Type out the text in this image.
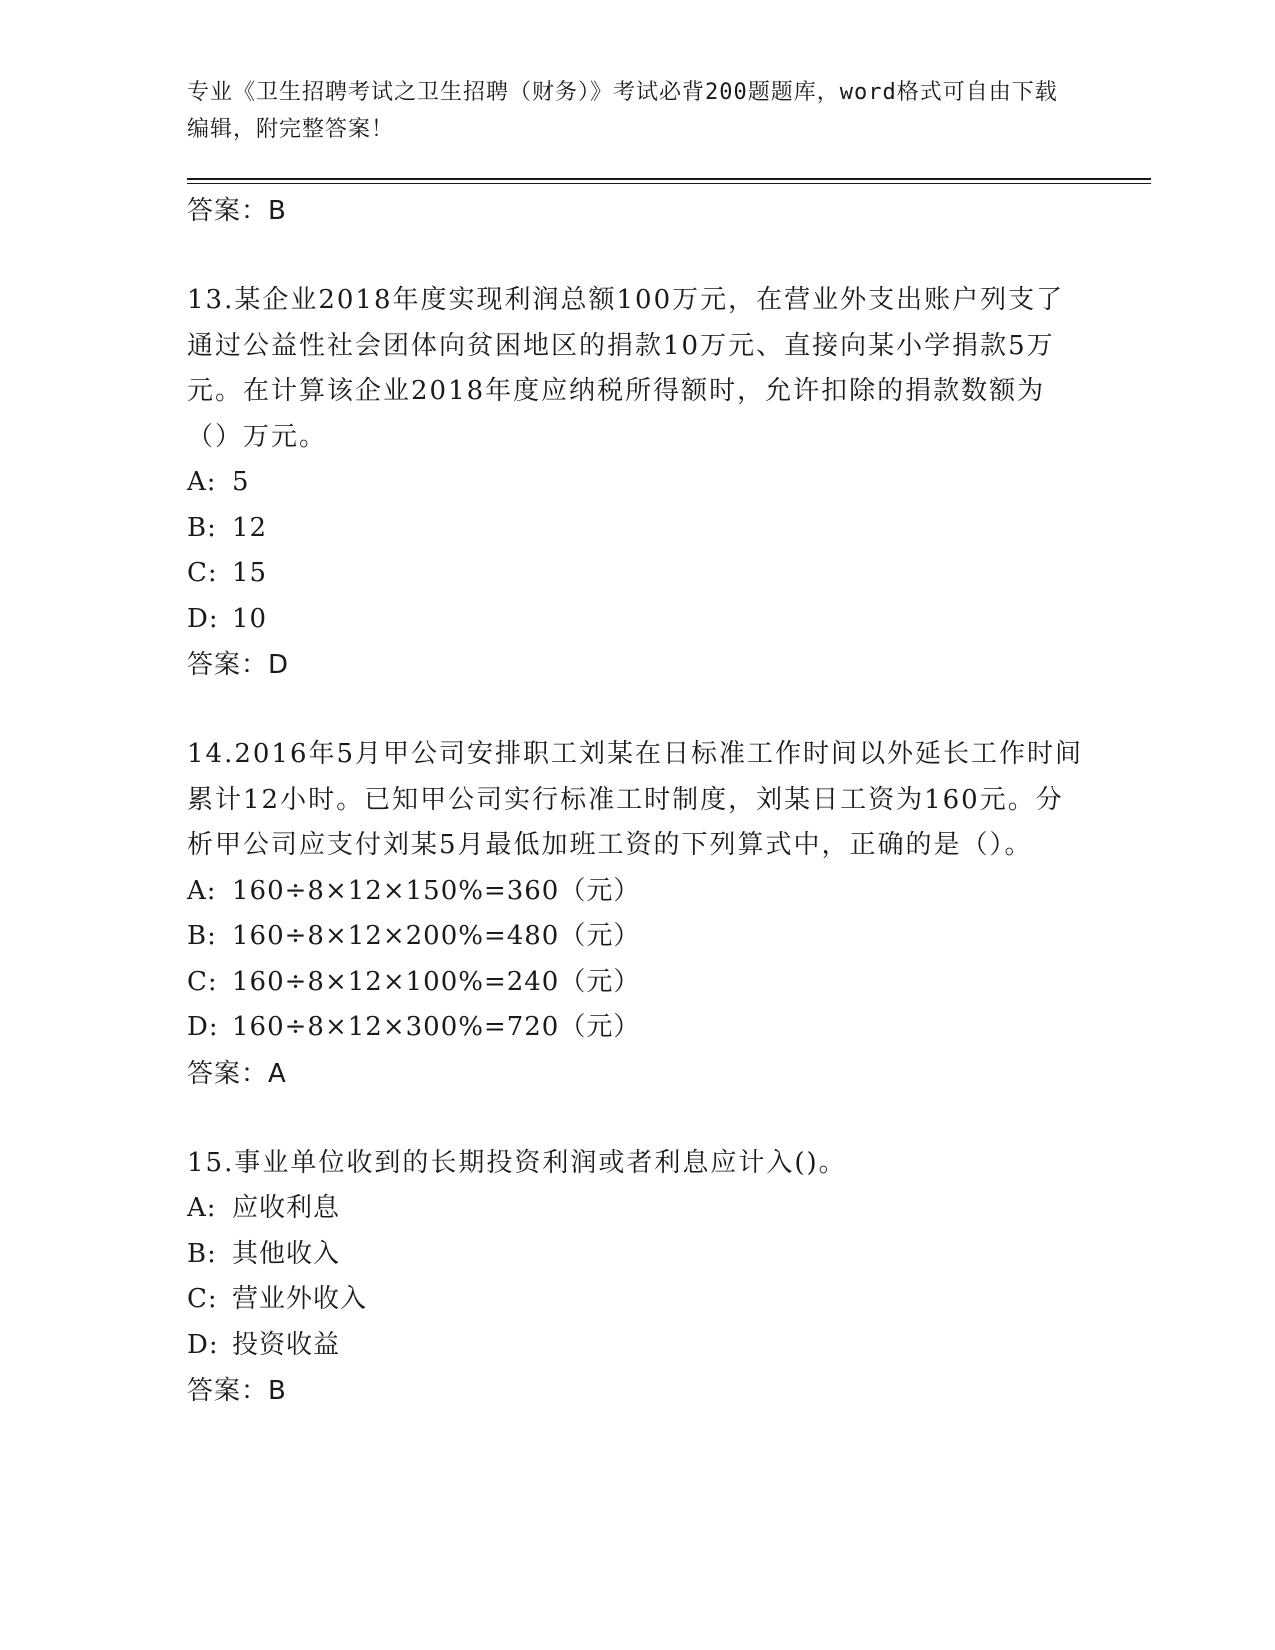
专业《卫生招聘考试之卫生招聘（财务）》考试必背200题题库，word格式可自由下载编辑，附完整答案！
答案：B
13.某企业2018年度实现利润总额100万元，在营业外支出账户列支了通过公益性社会团体向贫困地区的捐款10万元、直接向某小学捐款5万元。在计算该企业2018年度应纳税所得额时，允许扣除的捐款数额为（）万元。
A: 5
B: 12
C: 15
D: 10
答案：D
14.2016年5月甲公司安排职工刘某在日标准工作时间以外延长工作时间累计12小时。已知甲公司实行标准工时制度，刘某日工资为160元。分析甲公司应支付刘某5月最低加班工资的下列算式中，正确的是（）。
A: 160÷8×12×150%=360（元）
B: 160÷8×12×200%=480（元）
C: 160÷8×12×100%=240（元）
D: 160÷8×12×300%=720（元）
答案：A
15.事业单位收到的长期投资利润或者利息应计入()。
A: 应收利息
B: 其他收入
C: 营业外收入
D: 投资收益
答案：B
